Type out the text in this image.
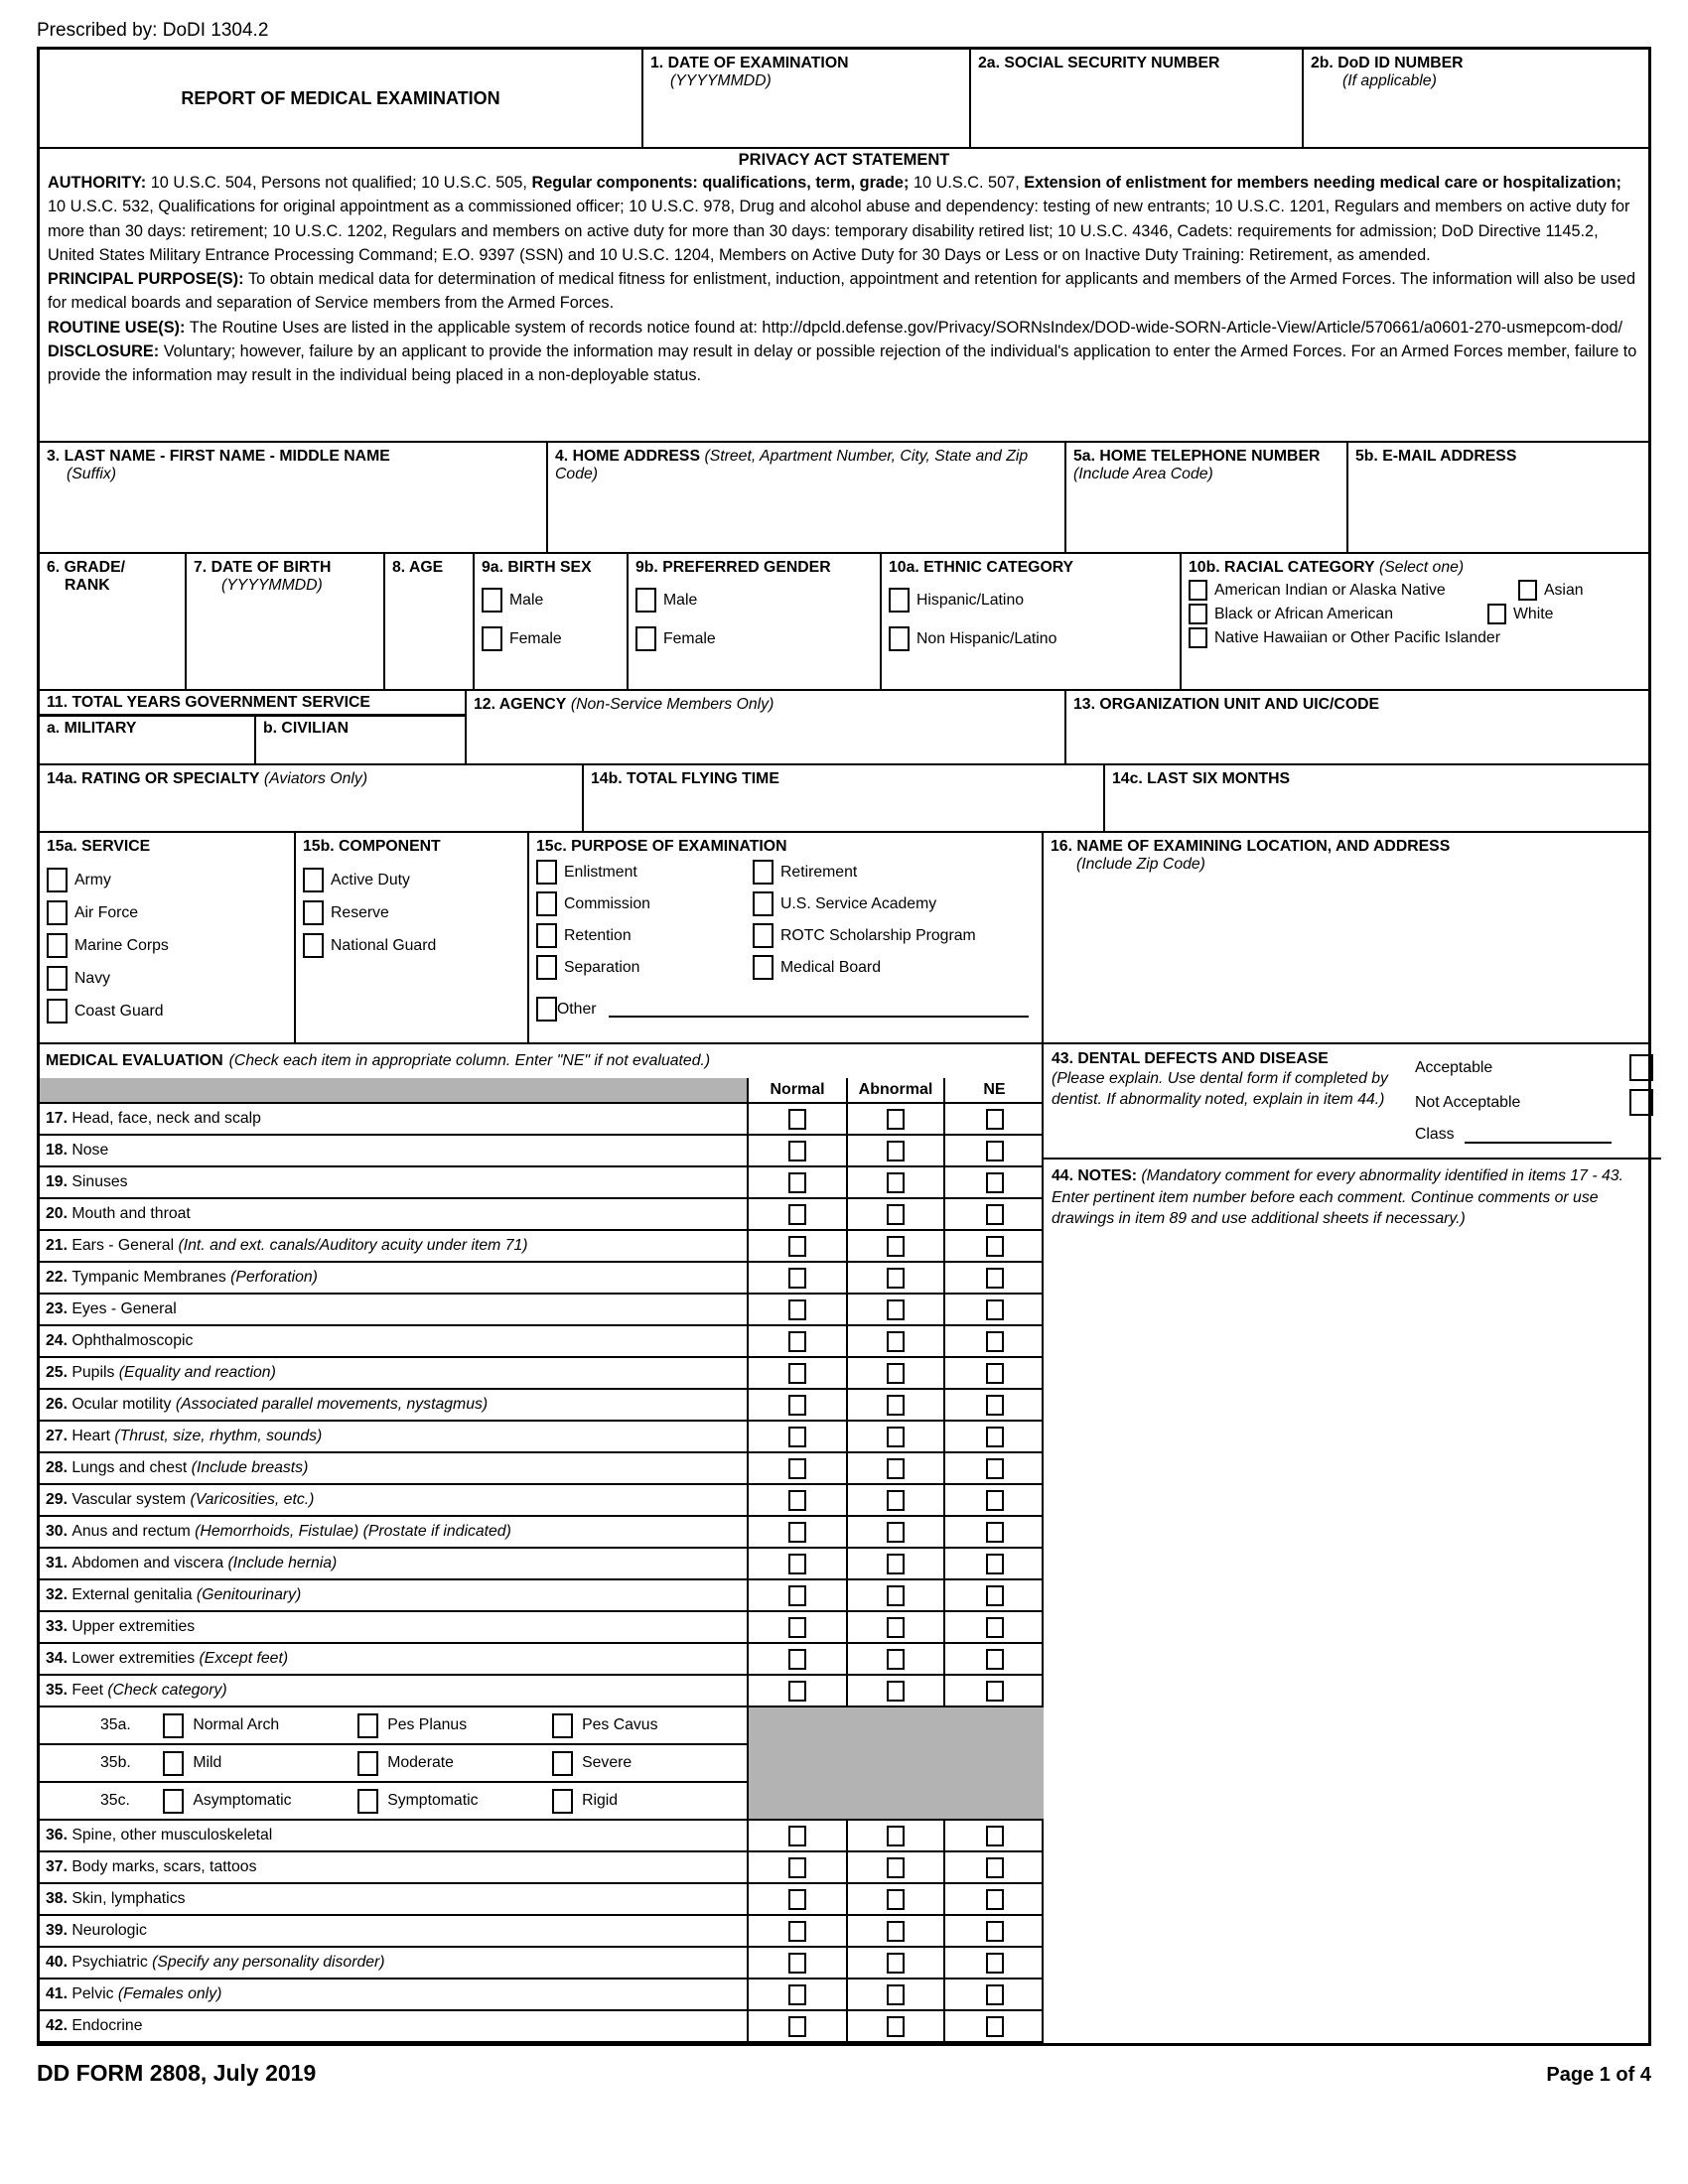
Prescribed by: DoDI 1304.2
REPORT OF MEDICAL EXAMINATION
1. DATE OF EXAMINATION
(YYYYMMDD)
2a. SOCIAL SECURITY NUMBER	2b. DoD ID NUMBER
(If applicable)
PRIVACY ACT STATEMENT
AUTHORITY: 10 U.S.C. 504, Persons not qualified; 10 U.S.C. 505, Regular components: qualifications, term, grade; 10 U.S.C. 507, Extension of enlistment for members needing medical care or hospitalization; 10 U.S.C. 532, Qualifications for original appointment as a commissioned officer; 10 U.S.C. 978, Drug and alcohol abuse and dependency: testing of new entrants; 10 U.S.C. 1201, Regulars and members on active duty for more than 30 days: retirement; 10 U.S.C. 1202, Regulars and members on active duty for more than 30 days: temporary disability retired list; 10 U.S.C. 4346, Cadets: requirements for admission; DoD Directive 1145.2, United States Military Entrance Processing Command; E.O. 9397 (SSN) and 10 U.S.C. 1204, Members on Active Duty for 30 Days or Less or on Inactive Duty Training: Retirement, as amended.
PRINCIPAL PURPOSE(S): To obtain medical data for determination of medical fitness for enlistment, induction, appointment and retention for applicants and members of the Armed Forces. The information will also be used for medical boards and separation of Service members from the Armed Forces.
ROUTINE USE(S): The Routine Uses are listed in the applicable system of records notice found at: http://dpcld.defense.gov/Privacy/SORNsIndex/DOD-wide-SORN-Article-View/Article/570661/a0601-270-usmepcom-dod/
DISCLOSURE: Voluntary; however, failure by an applicant to provide the information may result in delay or possible rejection of the individual's application to enter the Armed Forces. For an Armed Forces member, failure to provide the information may result in the individual being placed in a non-deployable status.
3. LAST NAME - FIRST NAME - MIDDLE NAME
(Suffix)
4. HOME ADDRESS (Street, Apartment Number, City, State and Zip Code)
5a. HOME TELEPHONE NUMBER (Include Area Code)
5b. E-MAIL ADDRESS
6. GRADE/
RANK
7. DATE OF BIRTH
(YYYYMMDD)
8. AGE	9a. BIRTH SEX
Male
Female
9b. PREFERRED GENDER
Male
Female
10a. ETHNIC CATEGORY
Hispanic/Latino
Non Hispanic/Latino
10b. RACIAL CATEGORY (Select one)
American Indian or Alaska Native	Asian
Black or African American	White
Native Hawaiian or Other Pacific Islander
11. TOTAL YEARS GOVERNMENT SERVICE
a. MILITARY	b. CIVILIAN
12. AGENCY (Non-Service Members Only)	13. ORGANIZATION UNIT AND UIC/CODE
14a. RATING OR SPECIALTY (Aviators Only)	14b. TOTAL FLYING TIME	14c. LAST SIX MONTHS
15a. SERVICE
Army
Air Force
Marine Corps
Navy
Coast Guard
15b. COMPONENT
Active Duty
Reserve
National Guard
15c. PURPOSE OF EXAMINATION
Enlistment
Commission
Retention
Separation
Retirement
U.S. Service Academy
ROTC Scholarship Program
Medical Board
Other
16. NAME OF EXAMINING LOCATION, AND ADDRESS
(Include Zip Code)
MEDICAL EVALUATION (Check each item in appropriate column. Enter "NE" if not evaluated.)
	Normal	Abnormal	NE
17. Head, face, neck and scalp			
18. Nose			
19. Sinuses			
20. Mouth and throat			
21. Ears - General (Int. and ext. canals/Auditory acuity under item 71)			
22. Tympanic Membranes (Perforation)			
23. Eyes - General			
24. Ophthalmoscopic			
25. Pupils (Equality and reaction)			
26. Ocular motility (Associated parallel movements, nystagmus)			
27. Heart (Thrust, size, rhythm, sounds)			
28. Lungs and chest (Include breasts)			
29. Vascular system (Varicosities, etc.)			
30. Anus and rectum (Hemorrhoids, Fistulae) (Prostate if indicated)			
31. Abdomen and viscera (Include hernia)			
32. External genitalia (Genitourinary)			
33. Upper extremities			
34. Lower extremities (Except feet)			
35. Feet (Check category)			

35a. Normal Arch Pes Planus Pes Cavus			

35b. Mild Moderate Severe			

35c. Asymptomatic Symptomatic Rigid			

36. Spine, other musculoskeletal			
37. Body marks, scars, tattoos			
38. Skin, lymphatics			
39. Neurologic			
40. Psychiatric (Specify any personality disorder)			
41. Pelvic (Females only)			
42. Endocrine			
43. DENTAL DEFECTS AND DISEASE
(Please explain. Use dental form if completed by dentist. If abnormality noted, explain in item 44.)
Acceptable
Not Acceptable
Class
44. NOTES: (Mandatory comment for every abnormality identified in items 17 - 43. Enter pertinent item number before each comment. Continue comments or use drawings in item 89 and use additional sheets if necessary.)
DD FORM 2808, July 2019	Page 1 of 4
